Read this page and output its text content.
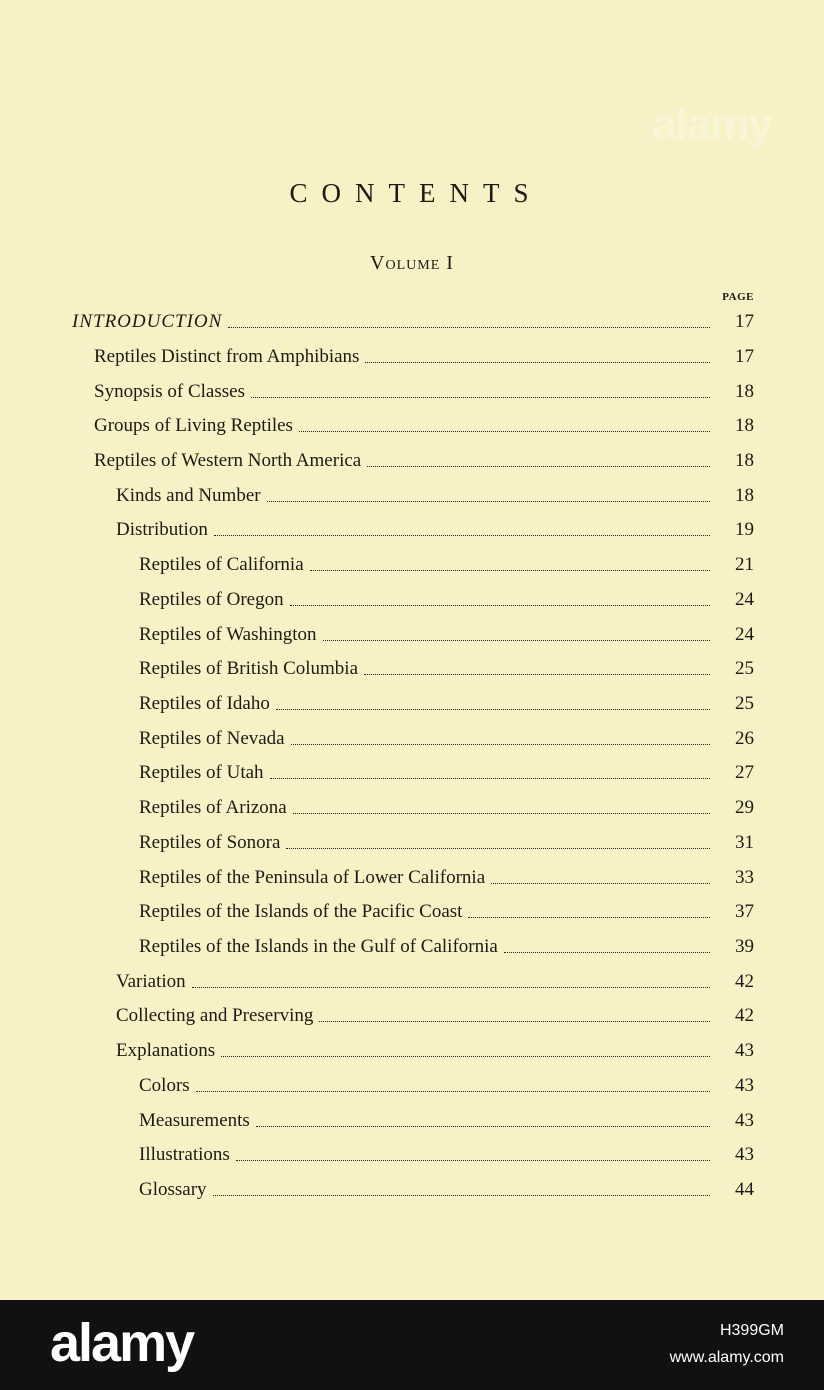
alamy
CONTENTS
Volume I
PAGE
INTRODUCTION	17
Reptiles Distinct from Amphibians	17
Synopsis of Classes	18
Groups of Living Reptiles	18
Reptiles of Western North America	18
Kinds and Number	18
Distribution	19
Reptiles of California	21
Reptiles of Oregon	24
Reptiles of Washington	24
Reptiles of British Columbia	25
Reptiles of Idaho	25
Reptiles of Nevada	26
Reptiles of Utah	27
Reptiles of Arizona	29
Reptiles of Sonora	31
Reptiles of the Peninsula of Lower California	33
Reptiles of the Islands of the Pacific Coast	37
Reptiles of the Islands in the Gulf of California	39
Variation	42
Collecting and Preserving	42
Explanations	43
Colors	43
Measurements	43
Illustrations	43
Glossary	44
alamy	H399GM
www.alamy.com
